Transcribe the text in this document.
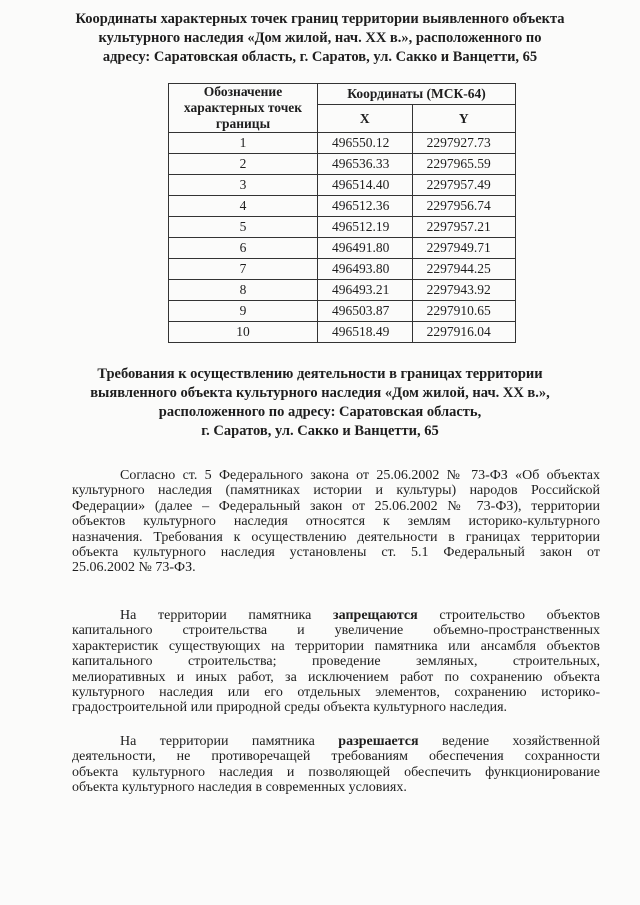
Координаты характерных точек границ территории выявленного объекта
культурного наследия «Дом жилой, нач. XX в.», расположенного по
адресу: Саратовская область, г. Саратов, ул. Сакко и Ванцетти, 65
Обозначение
характерных точек
границы	Координаты (МСК-64)	
	X	Y
1	496550.12	2297927.73
2	496536.33	2297965.59
3	496514.40	2297957.49
4	496512.36	2297956.74
5	496512.19	2297957.21
6	496491.80	2297949.71
7	496493.80	2297944.25
8	496493.21	2297943.92
9	496503.87	2297910.65
10	496518.49	2297916.04
Требования к осуществлению деятельности в границах территории
выявленного объекта культурного наследия «Дом жилой, нач. XX в.»,
расположенного по адресу: Саратовская область,
г. Саратов, ул. Сакко и Ванцетти, 65
Согласно ст. 5 Федерального закона от 25.06.2002 № 73-ФЗ «Об объектах
культурного наследия (памятниках истории и культуры) народов Российской
Федерации» (далее – Федеральный закон от 25.06.2002 № 73-ФЗ), территории
объектов культурного наследия относятся к землям историко-культурного
назначения. Требования к осуществлению деятельности в границах территории
объекта культурного наследия установлены ст. 5.1 Федеральный закон от
25.06.2002 № 73-ФЗ.
На территории памятника запрещаются строительство объектов
капитального строительства и увеличение объемно-пространственных
характеристик существующих на территории памятника или ансамбля объектов
капитального строительства; проведение земляных, строительных,
мелиоративных и иных работ, за исключением работ по сохранению объекта
культурного наследия или его отдельных элементов, сохранению историко-
градостроительной или природной среды объекта культурного наследия.
На территории памятника разрешается ведение хозяйственной
деятельности, не противоречащей требованиям обеспечения сохранности
объекта культурного наследия и позволяющей обеспечить функционирование
объекта культурного наследия в современных условиях.
